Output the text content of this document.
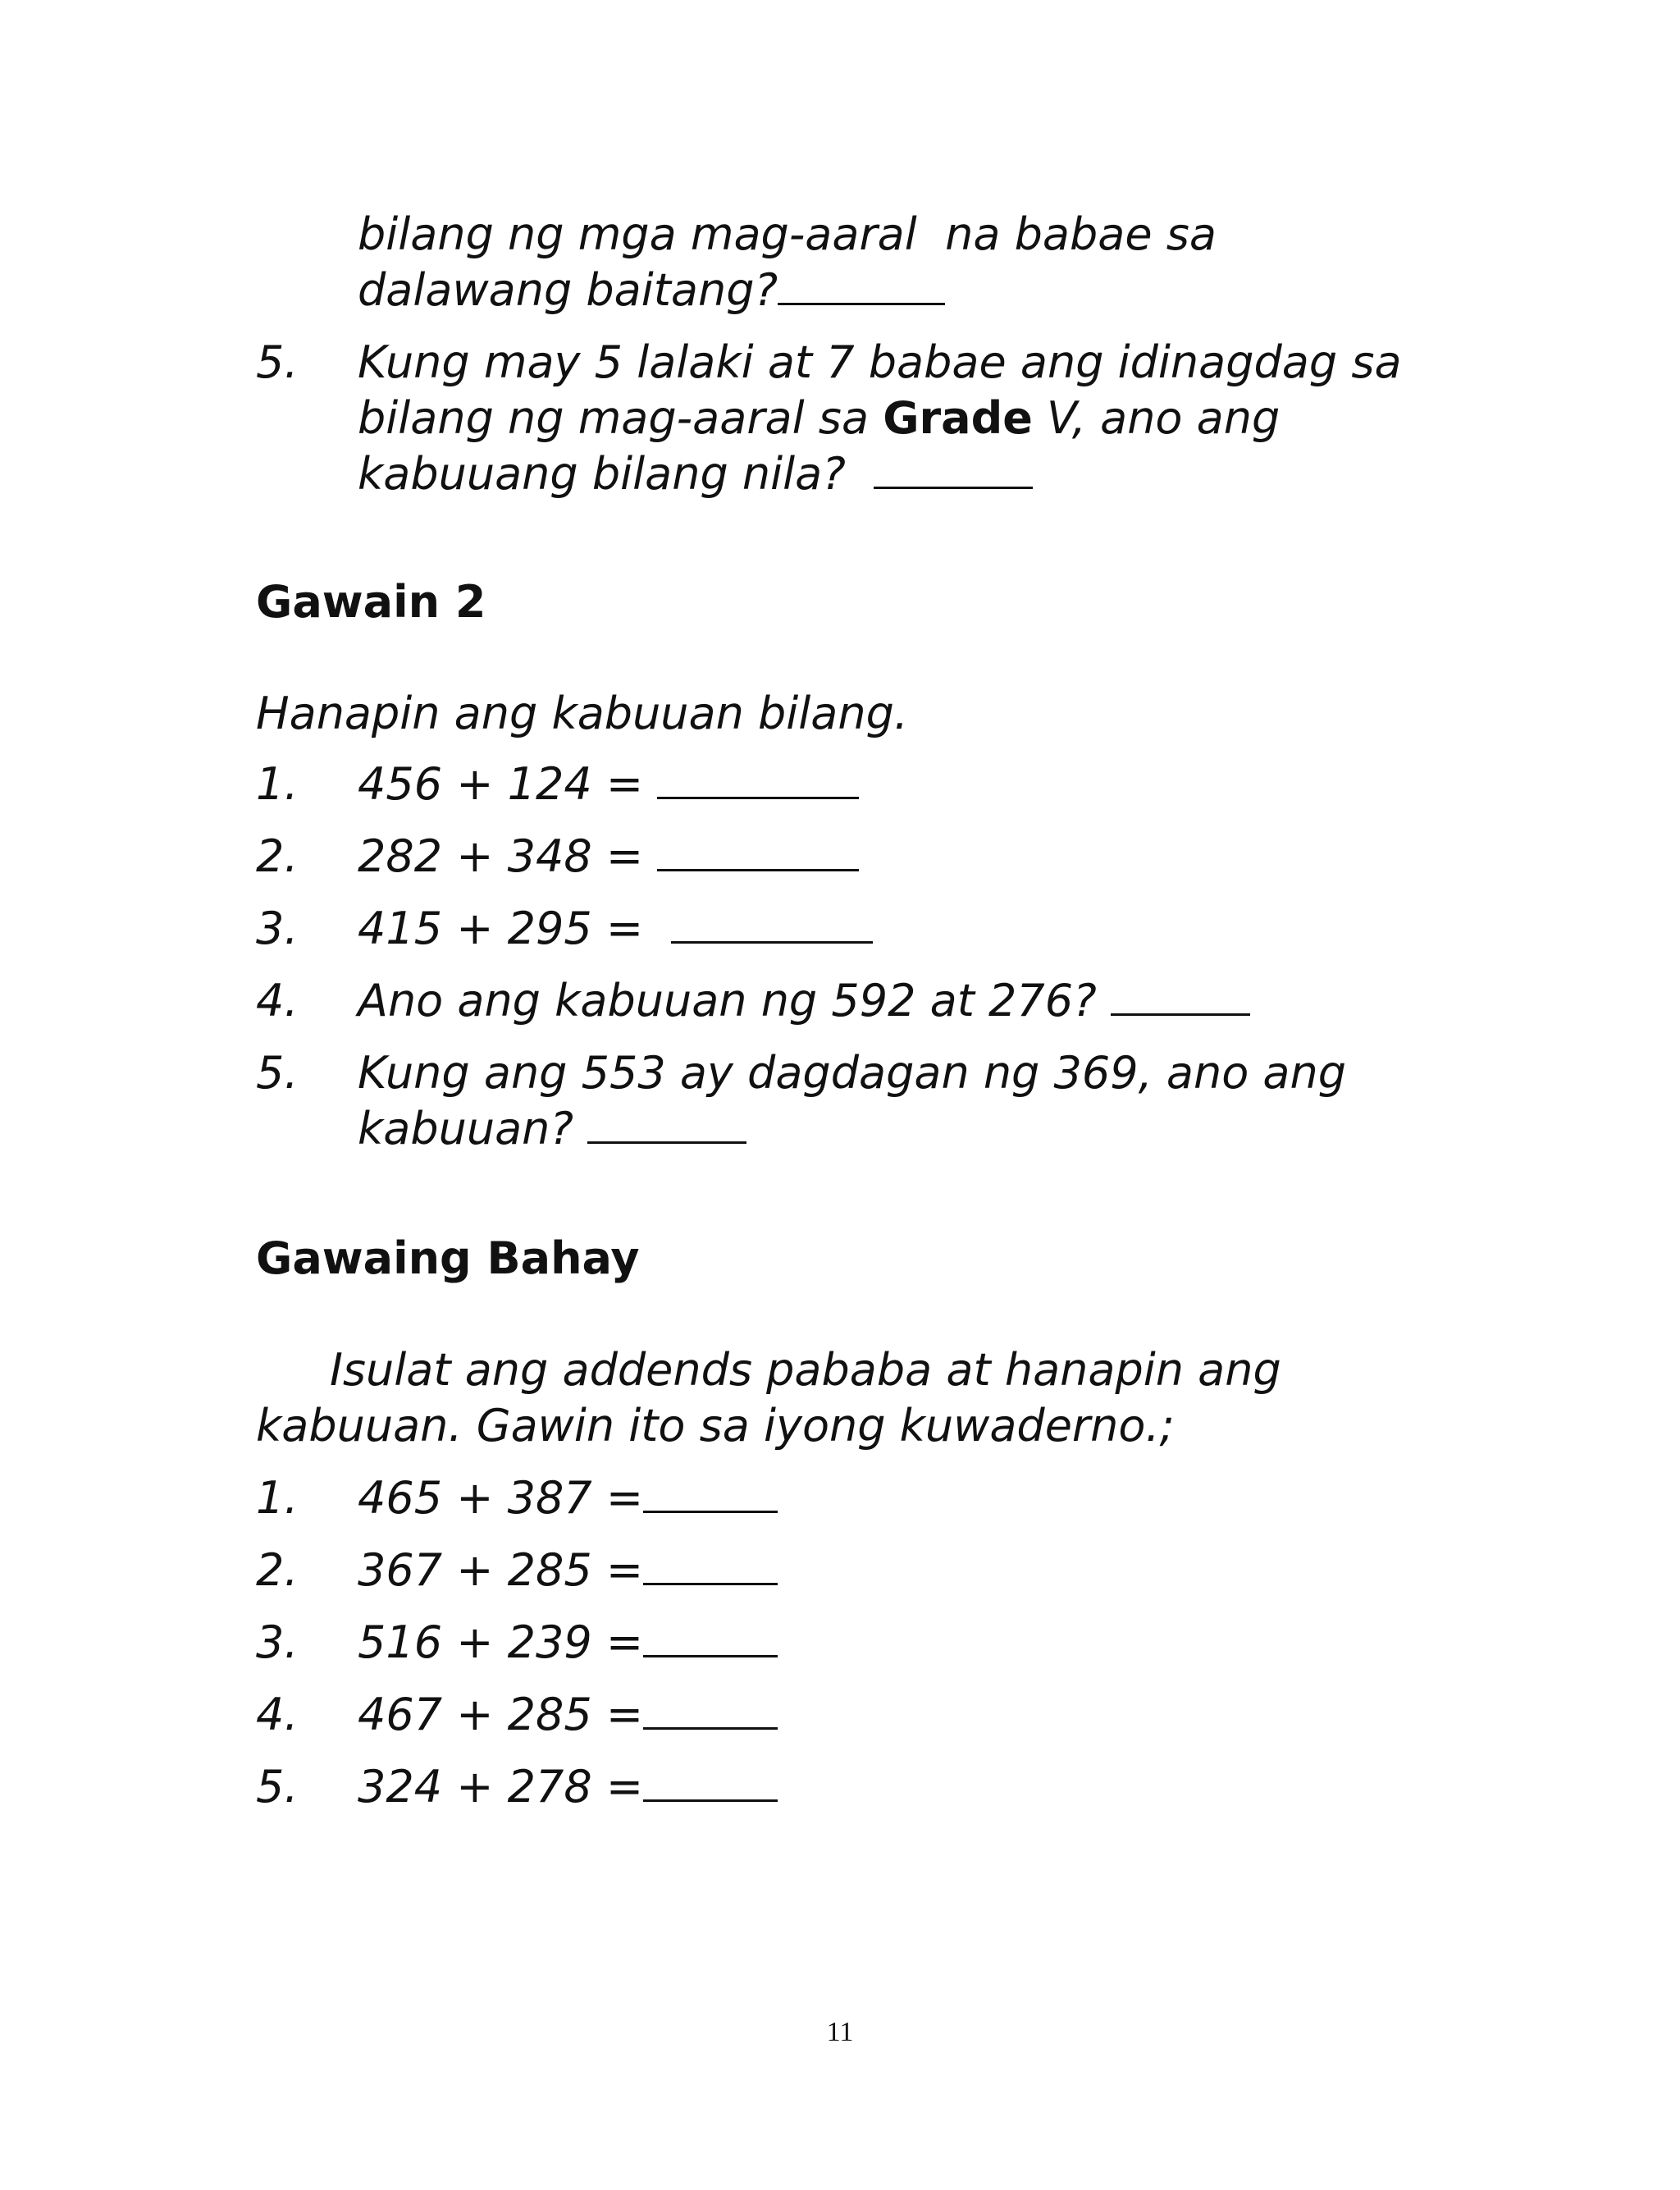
bilang ng mga mag-aaral  na babae sa
dalawang baitang?
5. Kung may 5 lalaki at 7 babae ang idinagdag sa
bilang ng mag-aaral sa Grade V, ano ang
kabuuang bilang nila?
Gawain 2
Hanapin ang kabuuan bilang.
1. 456 + 124 =
2. 282 + 348 =
3. 415 + 295 =
4. Ano ang kabuuan ng 592 at 276?
5. Kung ang 553 ay dagdagan ng 369, ano ang
kabuuan?
Gawaing Bahay
Isulat ang addends pababa at hanapin ang
kabuuan. Gawin ito sa iyong kuwaderno.;
1. 465 + 387 =
2. 367 + 285 =
3. 516 + 239 =
4. 467 + 285 =
5. 324 + 278 =
11
